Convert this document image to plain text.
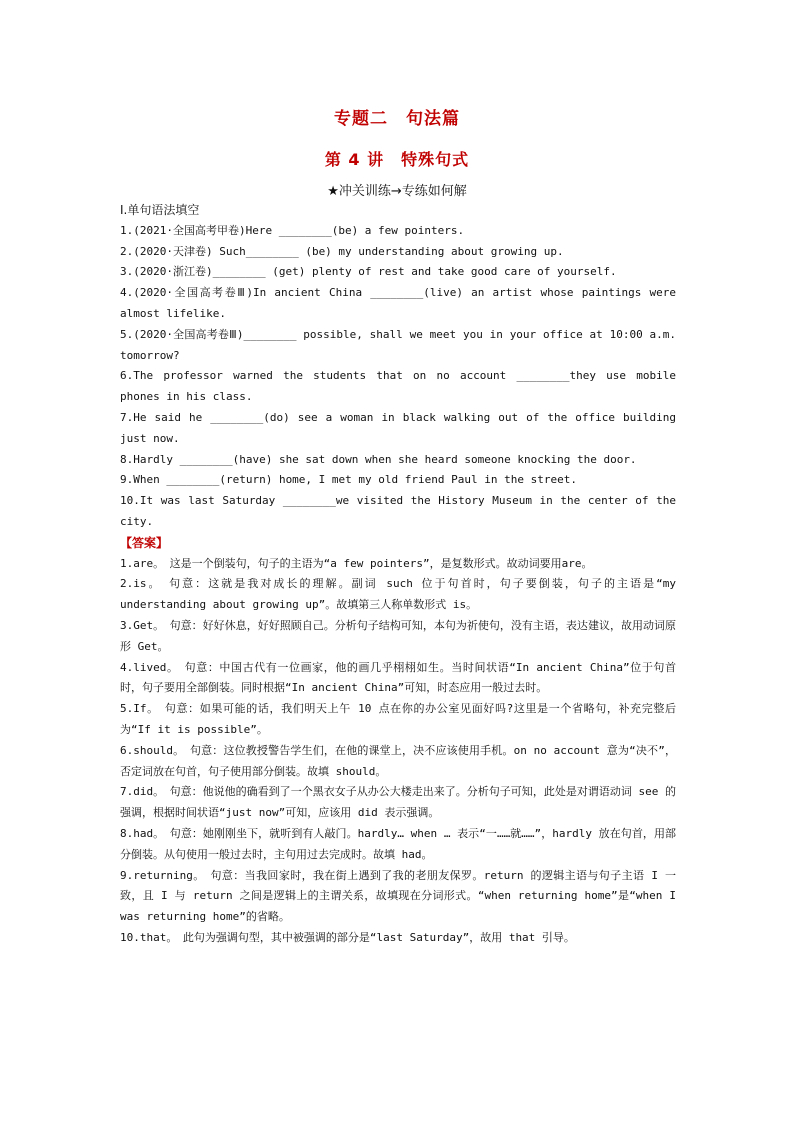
专题二　句法篇
第 4 讲　特殊句式
★冲关训练→专练如何解
Ⅰ.单句语法填空
1.(2021·全国高考甲卷)Here ________(be) a few pointers.
2.(2020·天津卷) Such________ (be) my understanding about growing up.
3.(2020·浙江卷)________ (get) plenty of rest and take good care of yourself.
4.(2020·全国高考卷Ⅲ)In ancient China ________(live) an artist whose paintings were almost lifelike.
5.(2020·全国高考卷Ⅲ)________ possible, shall we meet you in your office at 10:00 a.m. tomorrow?
6.The professor warned the students that on no account ________they use mobile phones in his class.
7.He said he ________(do) see a woman in black walking out of the office building just now.
8.Hardly ________(have) she sat down when she heard someone knocking the door.
9.When ________(return) home, I met my old friend Paul in the street.
10.It was last Saturday ________we visited the History Museum in the center of the city.
【答案】
1.are。　这是一个倒装句，句子的主语为“a few pointers”，是复数形式。故动词要用are。
2.is。　句意：这就是我对成长的理解。副词 such 位于句首时，句子要倒装，句子的主语是“my understanding about growing up”。故填第三人称单数形式 is。
3.Get。　句意：好好休息，好好照顾自己。分析句子结构可知，本句为祈使句，没有主语，表达建议，故用动词原形 Get。
4.lived。　句意：中国古代有一位画家，他的画几乎栩栩如生。当时间状语“In ancient China”位于句首时，句子要用全部倒装。同时根据“In ancient China”可知，时态应用一般过去时。
5.If。　句意：如果可能的话，我们明天上午 10 点在你的办公室见面好吗?这里是一个省略句，补充完整后为“If it is possible”。
6.should。　句意：这位教授警告学生们，在他的课堂上，决不应该使用手机。on no account 意为“决不”，否定词放在句首，句子使用部分倒装。故填 should。
7.did。　句意：他说他的确看到了一个黑衣女子从办公大楼走出来了。分析句子可知，此处是对谓语动词 see 的强调，根据时间状语“just now”可知，应该用 did 表示强调。
8.had。　句意：她刚刚坐下，就听到有人敲门。hardly… when … 表示“一……就……”，hardly 放在句首，用部分倒装。从句使用一般过去时，主句用过去完成时。故填 had。
9.returning。　句意：当我回家时，我在街上遇到了我的老朋友保罗。return 的逻辑主语与句子主语 I 一致，且 I 与 return 之间是逻辑上的主谓关系，故填现在分词形式。“when returning home”是“when I was returning home”的省略。
10.that。　此句为强调句型，其中被强调的部分是“last Saturday”，故用 that 引导。
